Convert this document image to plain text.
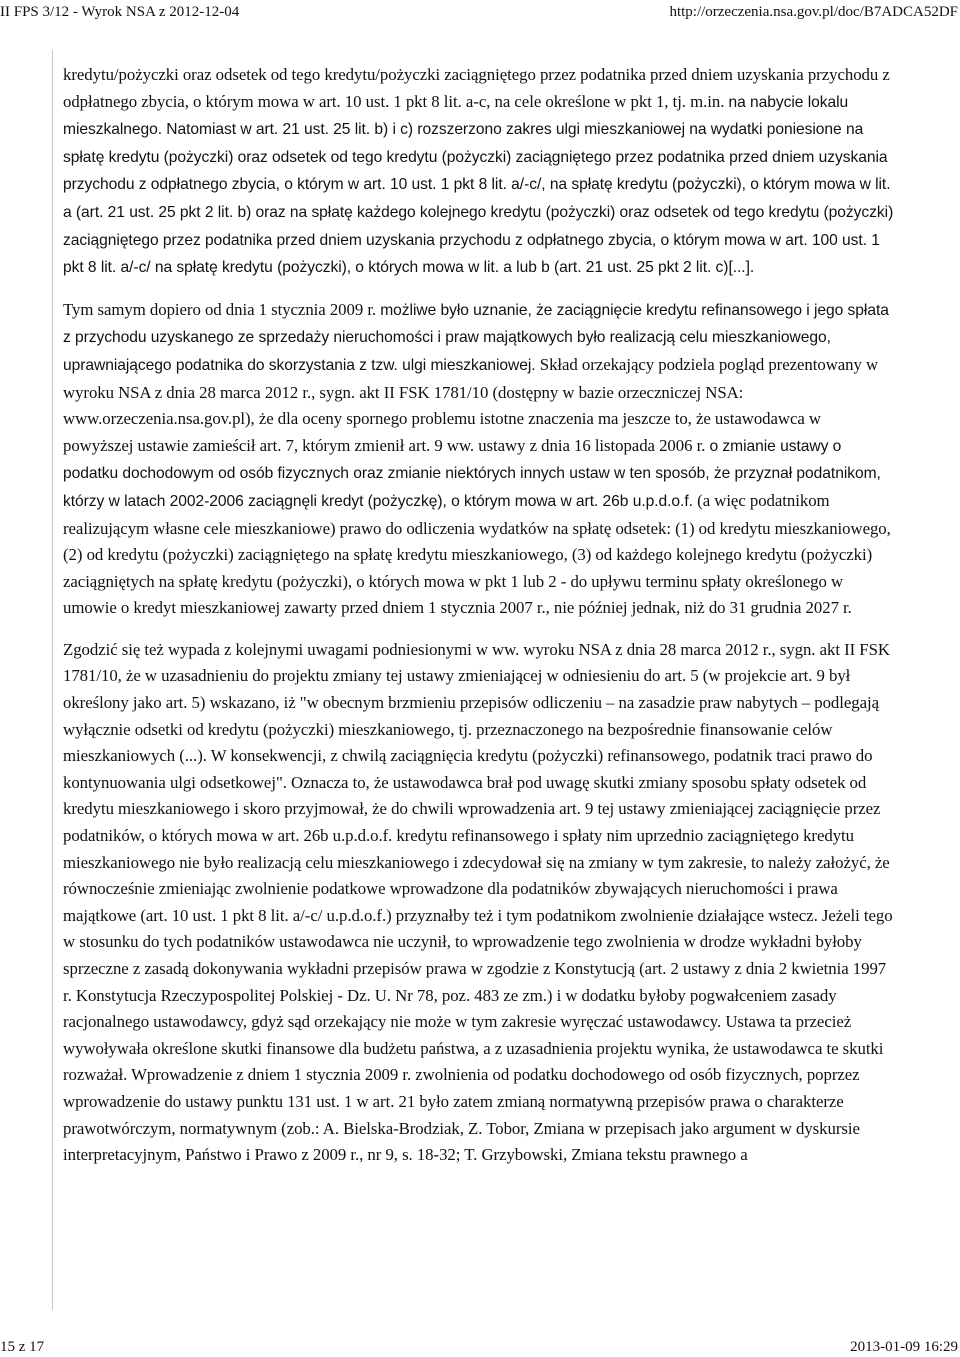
II FPS 3/12 - Wyrok NSA z 2012-12-04	http://orzeczenia.nsa.gov.pl/doc/B7ADCA52DF

kredytu/pożyczki oraz odsetek od tego kredytu/pożyczki zaciągniętego przez podatnika przed dniem uzyskania przychodu z odpłatnego zbycia, o którym mowa w art. 10 ust. 1 pkt 8 lit. a-c, na cele określone w pkt 1, tj. m.in. na nabycie lokalu mieszkalnego. Natomiast w art. 21 ust. 25 lit. b) i c) rozszerzono zakres ulgi mieszkaniowej na wydatki poniesione na spłatę kredytu (pożyczki) oraz odsetek od tego kredytu (pożyczki) zaciągniętego przez podatnika przed dniem uzyskania przychodu z odpłatnego zbycia, o którym w art. 10 ust. 1 pkt 8 lit. a/-c/, na spłatę kredytu (pożyczki), o którym mowa w lit. a (art. 21 ust. 25 pkt 2 lit. b) oraz na spłatę każdego kolejnego kredytu (pożyczki) oraz odsetek od tego kredytu (pożyczki) zaciągniętego przez podatnika przed dniem uzyskania przychodu z odpłatnego zbycia, o którym mowa w art. 100 ust. 1 pkt 8 lit. a/-c/ na spłatę kredytu (pożyczki), o których mowa w lit. a lub b (art. 21 ust. 25 pkt 2 lit. c)[...].

Tym samym dopiero od dnia 1 stycznia 2009 r. możliwe było uznanie, że zaciągnięcie kredytu refinansowego i jego spłata z przychodu uzyskanego ze sprzedaży nieruchomości i praw majątkowych było realizacją celu mieszkaniowego, uprawniającego podatnika do skorzystania z tzw. ulgi mieszkaniowej. Skład orzekający podziela pogląd prezentowany w wyroku NSA z dnia 28 marca 2012 r., sygn. akt II FSK 1781/10 (dostępny w bazie orzeczniczej NSA: www.orzeczenia.nsa.gov.pl), że dla oceny spornego problemu istotne znaczenia ma jeszcze to, że ustawodawca w powyższej ustawie zamieścił art. 7, którym zmienił art. 9 ww. ustawy z dnia 16 listopada 2006 r. o zmianie ustawy o podatku dochodowym od osób fizycznych oraz zmianie niektórych innych ustaw w ten sposób, że przyznał podatnikom, którzy w latach 2002-2006 zaciągnęli kredyt (pożyczkę), o którym mowa w art. 26b u.p.d.o.f. (a więc podatnikom realizującym własne cele mieszkaniowe) prawo do odliczenia wydatków na spłatę odsetek: (1) od kredytu mieszkaniowego, (2) od kredytu (pożyczki) zaciągniętego na spłatę kredytu mieszkaniowego, (3) od każdego kolejnego kredytu (pożyczki) zaciągniętych na spłatę kredytu (pożyczki), o których mowa w pkt 1 lub 2 - do upływu terminu spłaty określonego w umowie o kredyt mieszkaniowej zawarty przed dniem 1 stycznia 2007 r., nie później jednak, niż do 31 grudnia 2027 r.

Zgodzić się też wypada z kolejnymi uwagami podniesionymi w ww. wyroku NSA z dnia 28 marca 2012 r., sygn. akt II FSK 1781/10, że w uzasadnieniu do projektu zmiany tej ustawy zmieniającej w odniesieniu do art. 5 (w projekcie art. 9 był określony jako art. 5) wskazano, iż "w obecnym brzmieniu przepisów odliczeniu – na zasadzie praw nabytych – podlegają wyłącznie odsetki od kredytu (pożyczki) mieszkaniowego, tj. przeznaczonego na bezpośrednie finansowanie celów mieszkaniowych (...). W konsekwencji, z chwilą zaciągnięcia kredytu (pożyczki) refinansowego, podatnik traci prawo do kontynuowania ulgi odsetkowej". Oznacza to, że ustawodawca brał pod uwagę skutki zmiany sposobu spłaty odsetek od kredytu mieszkaniowego i skoro przyjmował, że do chwili wprowadzenia art. 9 tej ustawy zmieniającej zaciągnięcie przez podatników, o których mowa w art. 26b u.p.d.o.f. kredytu refinansowego i spłaty nim uprzednio zaciągniętego kredytu mieszkaniowego nie było realizacją celu mieszkaniowego i zdecydował się na zmiany w tym zakresie, to należy założyć, że równocześnie zmieniając zwolnienie podatkowe wprowadzone dla podatników zbywających nieruchomości i prawa majątkowe (art. 10 ust. 1 pkt 8 lit. a/-c/ u.p.d.o.f.) przyznałby też i tym podatnikom zwolnienie działające wstecz. Jeżeli tego w stosunku do tych podatników ustawodawca nie uczynił, to wprowadzenie tego zwolnienia w drodze wykładni byłoby sprzeczne z zasadą dokonywania wykładni przepisów prawa w zgodzie z Konstytucją (art. 2 ustawy z dnia 2 kwietnia 1997 r. Konstytucja Rzeczypospolitej Polskiej - Dz. U. Nr 78, poz. 483 ze zm.) i w dodatku byłoby pogwałceniem zasady racjonalnego ustawodawcy, gdyż sąd orzekający nie może w tym zakresie wyręczać ustawodawcy. Ustawa ta przecież wywoływała określone skutki finansowe dla budżetu państwa, a z uzasadnienia projektu wynika, że ustawodawca te skutki rozważał. Wprowadzenie z dniem 1 stycznia 2009 r. zwolnienia od podatku dochodowego od osób fizycznych, poprzez wprowadzenie do ustawy punktu 131 ust. 1 w art. 21 było zatem zmianą normatywną przepisów prawa o charakterze prawotwórczym, normatywnym (zob.: A. Bielska-Brodziak, Z. Tobor, Zmiana w przepisach jako argument w dyskursie interpretacyjnym, Państwo i Prawo z 2009 r., nr 9, s. 18-32; T. Grzybowski, Zmiana tekstu prawnego a

15 z 17	2013-01-09 16:29
